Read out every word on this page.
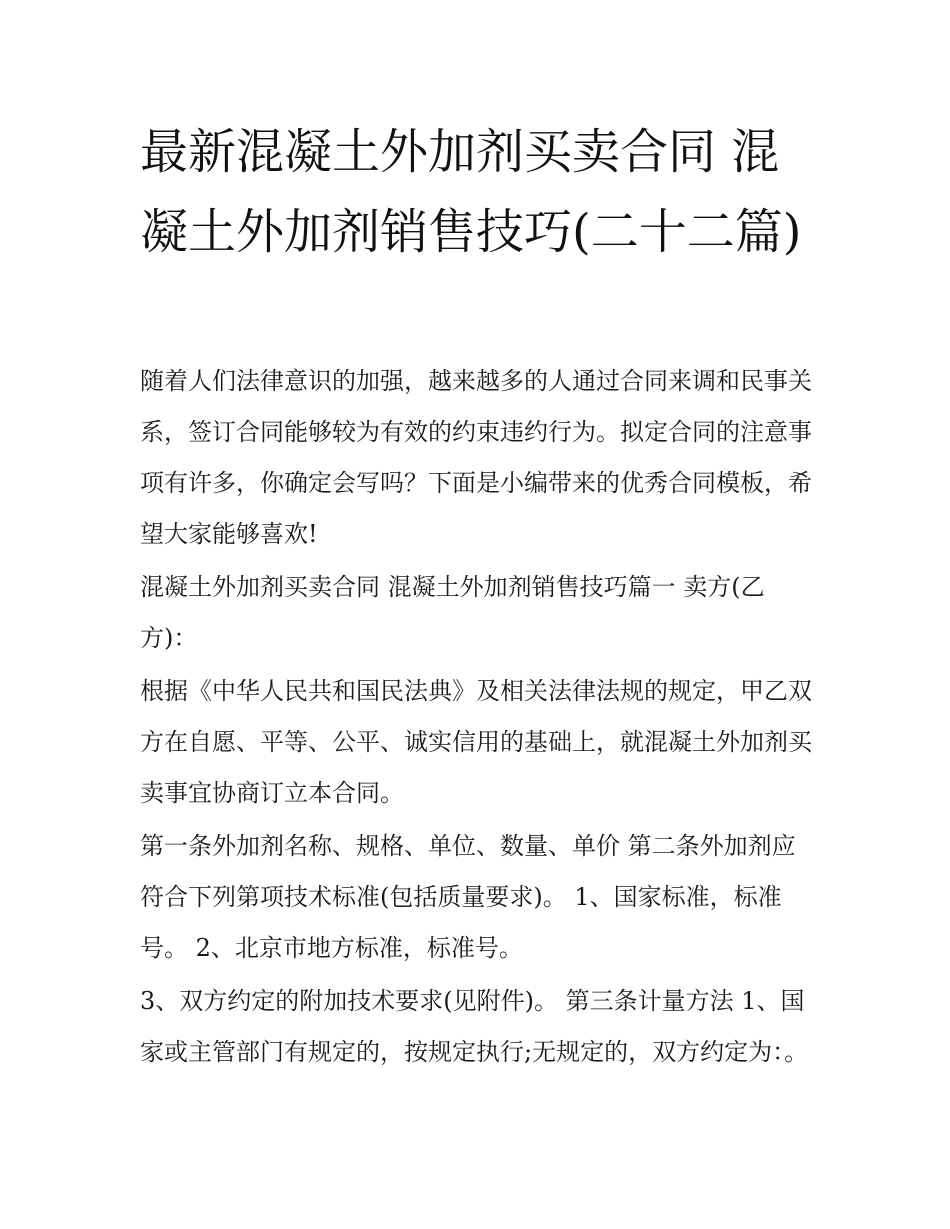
最新混凝土外加剂买卖合同 混凝土外加剂销售技巧(二十二篇)

随着人们法律意识的加强，越来越多的人通过合同来调和民事关系，签订合同能够较为有效的约束违约行为。拟定合同的注意事项有许多，你确定会写吗？下面是小编带来的优秀合同模板，希望大家能够喜欢!

混凝土外加剂买卖合同 混凝土外加剂销售技巧篇一 卖方(乙方)：

根据《中华人民共和国民法典》及相关法律法规的规定，甲乙双方在自愿、平等、公平、诚实信用的基础上，就混凝土外加剂买卖事宜协商订立本合同。

第一条外加剂名称、规格、单位、数量、单价 第二条外加剂应符合下列第项技术标准(包括质量要求)。 1、国家标准，标准号。 2、北京市地方标准，标准号。

3、双方约定的附加技术要求(见附件)。 第三条计量方法 1、国家或主管部门有规定的，按规定执行;无规定的，双方约定为：。
